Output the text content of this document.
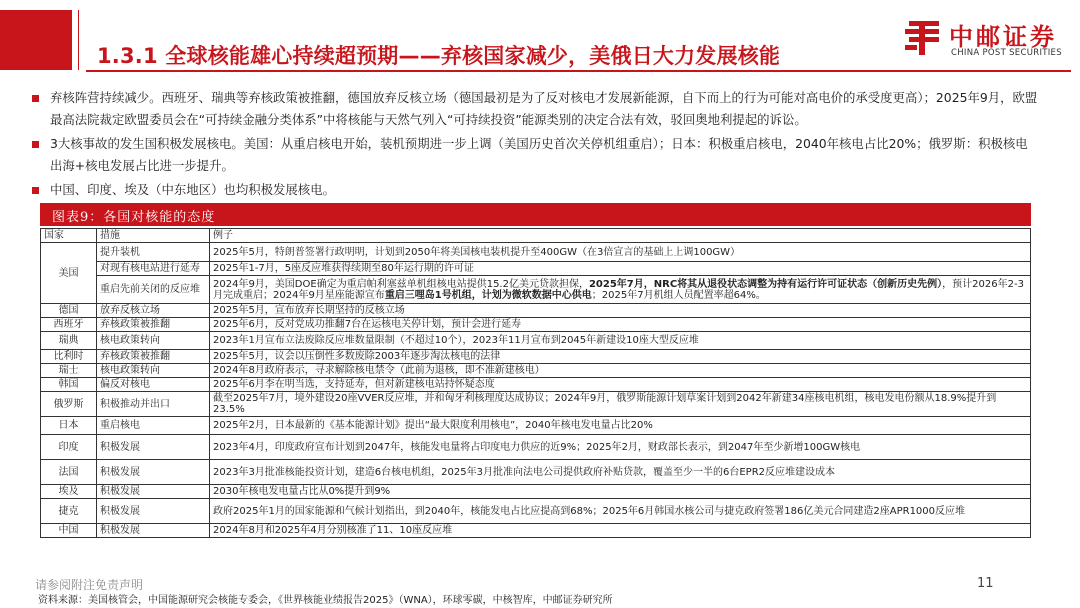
1.3.1 全球核能雄心持续超预期——弃核国家减少，美俄日大力发展核能
中邮证券
CHINA POST SECURITIES
弃核阵营持续减少。西班牙、瑞典等弃核政策被推翻，德国放弃反核立场（德国最初是为了反对核电才发展新能源，自下而上的行为可能对高电价的承受度更高）；2025年9月，欧盟最高法院裁定欧盟委员会在“可持续金融分类体系”中将核能与天然气列入“可持续投资”能源类别的决定合法有效，驳回奥地利提起的诉讼。
3大核事故的发生国积极发展核电。美国：从重启核电开始，装机预期进一步上调（美国历史首次关停机组重启）；日本：积极重启核电，2040年核电占比20%；俄罗斯：积极核电出海+核电发展占比进一步提升。
中国、印度、埃及（中东地区）也均积极发展核电。
图表9：各国对核能的态度
国家	措施	例子
美国	提升装机	2025年5月，特朗普签署行政明明，计划到2050年将美国核电装机提升至400GW（在3倍宣言的基础上上调100GW）
	对现有核电站进行延寿	2025年1-7月，5座反应堆获得续期至80年运行期的许可证
	重启先前关闭的反应堆	2024年9月，美国DOE确定为重启帕利塞兹单机组核电站提供15.2亿美元贷款担保，2025年7月，NRC将其从退役状态调整为持有运行许可证状态（创新历史先例），预计2026年2-3月完成重启；2024年9月星座能源宣布重启三哩岛1号机组，计划为微软数据中心供电；2025年7月机组人员配置率超64%。
德国	放弃反核立场	2025年5月，宣布放弃长期坚持的反核立场
西班牙	弃核政策被推翻	2025年6月，反对党成功推翻7台在运核电关停计划，预计会进行延寿
瑞典	核电政策转向	2023年1月宣布立法废除反应堆数量限制（不超过10个），2023年11月宣布到2045年新建设10座大型反应堆
比利时	弃核政策被推翻	2025年5月，议会以压倒性多数废除2003年逐步淘汰核电的法律
瑞士	核电政策转向	2024年8月政府表示，寻求解除核电禁令（此前为退核，即不准新建核电）
韩国	偏反对核电	2025年6月李在明当选，支持延寿，但对新建核电站持怀疑态度
俄罗斯	积极推动并出口	截至2025年7月，境外建设20座VVER反应堆，并和匈牙利核理度达成协议；2024年9月，俄罗斯能源计划草案计划到2042年新建34座核电机组，核电发电份额从18.9%提升到23.5%
日本	重启核电	2025年2月，日本最新的《基本能源计划》提出“最大限度利用核电”，2040年核电发电量占比20%
印度	积极发展	2023年4月，印度政府宣布计划到2047年，核能发电量将占印度电力供应的近9%；2025年2月，财政部长表示，到2047年至少新增100GW核电
法国	积极发展	2023年3月批准核能投资计划，建造6台核电机组，2025年3月批准向法电公司提供政府补贴贷款，覆盖至少一半的6台EPR2反应堆建设成本
埃及	积极发展	2030年核电发电量占比从0%提升到9%
捷克	积极发展	政府2025年1月的国家能源和气候计划指出，到2040年，核能发电占比应提高到68%；2025年6月韩国水核公司与捷克政府签署186亿美元合同建造2座APR1000反应堆
中国	积极发展	2024年8月和2025年4月分别核准了11、10座反应堆
请参阅附注免责声明
资料来源：美国核管会，中国能源研究会核能专委会，《世界核能业绩报告2025》（WNA），环球零碳，中核智库，中邮证券研究所
11
